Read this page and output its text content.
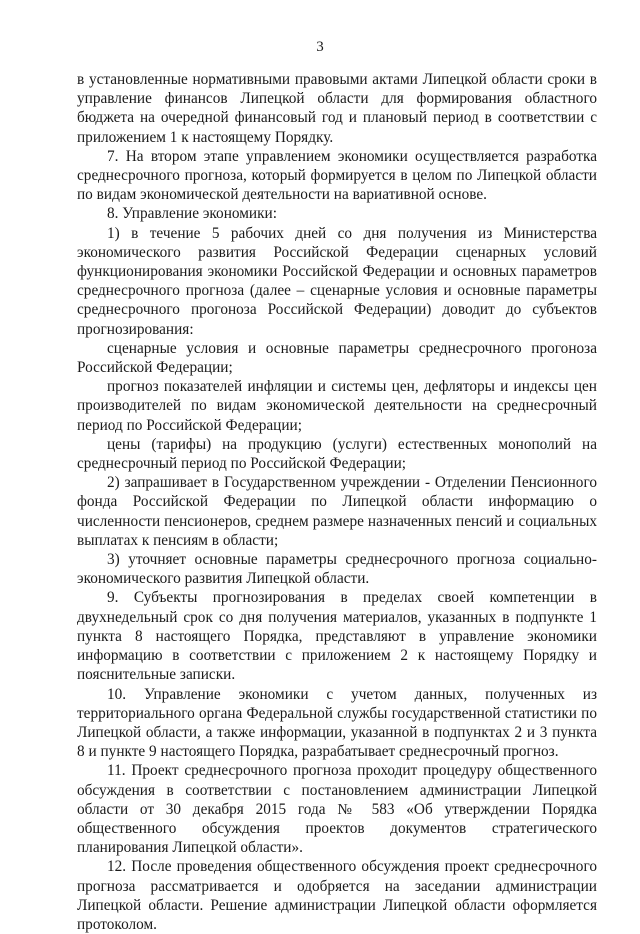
3

в установленные нормативными правовыми актами Липецкой области сроки в управление финансов Липецкой области для формирования областного бюджета на очередной финансовый год и плановый период в соответствии с приложением 1 к настоящему Порядку.

7. На втором этапе управлением экономики осуществляется разработка среднесрочного прогноза, который формируется в целом по Липецкой области по видам экономической деятельности на вариативной основе.

8. Управление экономики:

1) в течение 5 рабочих дней со дня получения из Министерства экономического развития Российской Федерации сценарных условий функционирования экономики Российской Федерации и основных параметров среднесрочного прогноза (далее – сценарные условия и основные параметры среднесрочного прогоноза Российской Федерации) доводит до субъектов прогнозирования:

сценарные условия и основные параметры среднесрочного прогоноза Российской Федерации;

прогноз показателей инфляции и системы цен, дефляторы и индексы цен производителей по видам экономической деятельности на среднесрочный период по Российской Федерации;

цены (тарифы) на продукцию (услуги) естественных монополий на среднесрочный период по Российской Федерации;

2) запрашивает в Государственном учреждении - Отделении Пенсионного фонда Российской Федерации по Липецкой области информацию о численности пенсионеров, среднем размере назначенных пенсий и социальных выплатах к пенсиям в области;

3) уточняет основные параметры среднесрочного прогноза социально-экономического развития Липецкой области.

9. Субъекты прогнозирования в пределах своей компетенции в двухнедельный срок со дня получения материалов, указанных в подпункте 1 пункта 8 настоящего Порядка, представляют в управление экономики информацию в соответствии с приложением 2 к настоящему Порядку и пояснительные записки.

10. Управление экономики с учетом данных, полученных из территориального органа Федеральной службы государственной статистики по Липецкой области, а также информации, указанной в подпунктах 2 и 3 пункта 8 и пункте 9 настоящего Порядка, разрабатывает среднесрочный прогноз.

11. Проект среднесрочного прогноза проходит процедуру общественного обсуждения в соответствии с постановлением администрации Липецкой области от 30 декабря 2015 года № 583 «Об утверждении Порядка общественного обсуждения проектов документов стратегического планирования Липецкой области».

12. После проведения общественного обсуждения проект среднесрочного прогноза рассматривается и одобряется на заседании администрации Липецкой области. Решение администрации Липецкой области оформляется протоколом.
